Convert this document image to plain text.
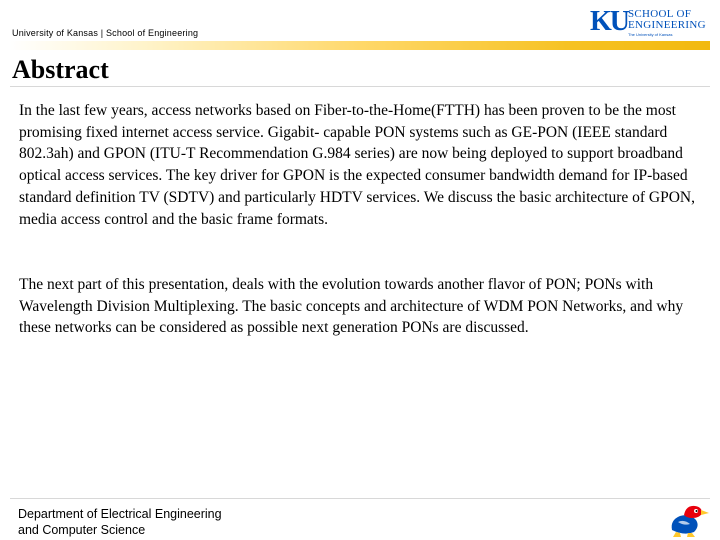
University of Kansas | School of Engineering	KU SCHOOL OF
ENGINEERING
The University of Kansas
Abstract

In the last few years, access networks based on Fiber-to-the-Home(FTTH) has been proven to be the most promising fixed internet access service. Gigabit- capable PON systems such as GE-PON (IEEE standard 802.3ah) and GPON (ITU-T Recommendation G.984 series) are now being deployed to support broadband optical access services. The key driver for GPON is the expected consumer bandwidth demand for IP-based standard definition TV (SDTV) and particularly HDTV services. We discuss the basic architecture of GPON, media access control and the basic frame formats.

The next part of this presentation, deals with the evolution towards another flavor of PON; PONs with Wavelength Division Multiplexing. The basic concepts and architecture of WDM PON Networks, and why these networks can be considered as possible next generation PONs are discussed.

Department of Electrical Engineering
and Computer Science
